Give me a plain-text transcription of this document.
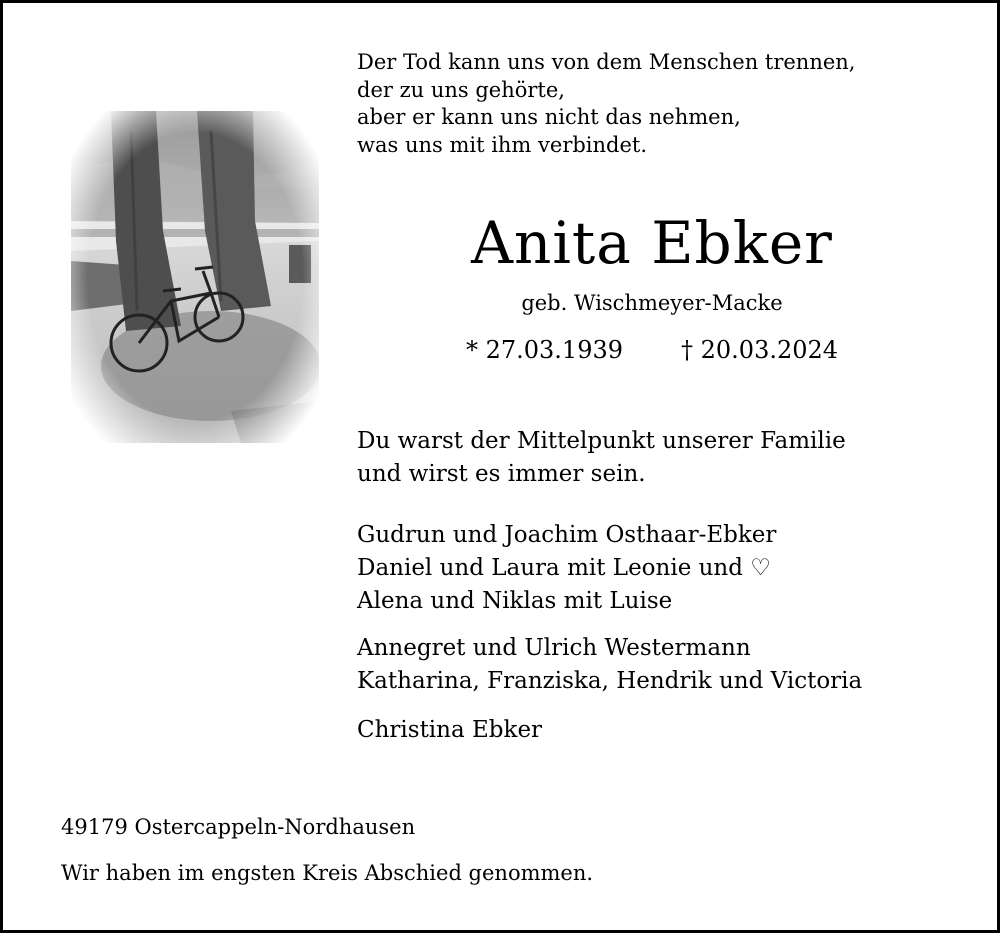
Der Tod kann uns von dem Menschen trennen,
der zu uns gehörte,
aber er kann uns nicht das nehmen,
was uns mit ihm verbindet.
Anita Ebker
geb. Wischmeyer-Macke
* 27.03.1939 † 20.03.2024
Du warst der Mittelpunkt unserer Familie
und wirst es immer sein.
Gudrun und Joachim Osthaar-Ebker
Daniel und Laura mit Leonie und ♡
Alena und Niklas mit Luise
Annegret und Ulrich Westermann
Katharina, Franziska, Hendrik und Victoria
Christina Ebker
49179 Ostercappeln-Nordhausen
Wir haben im engsten Kreis Abschied genommen.
